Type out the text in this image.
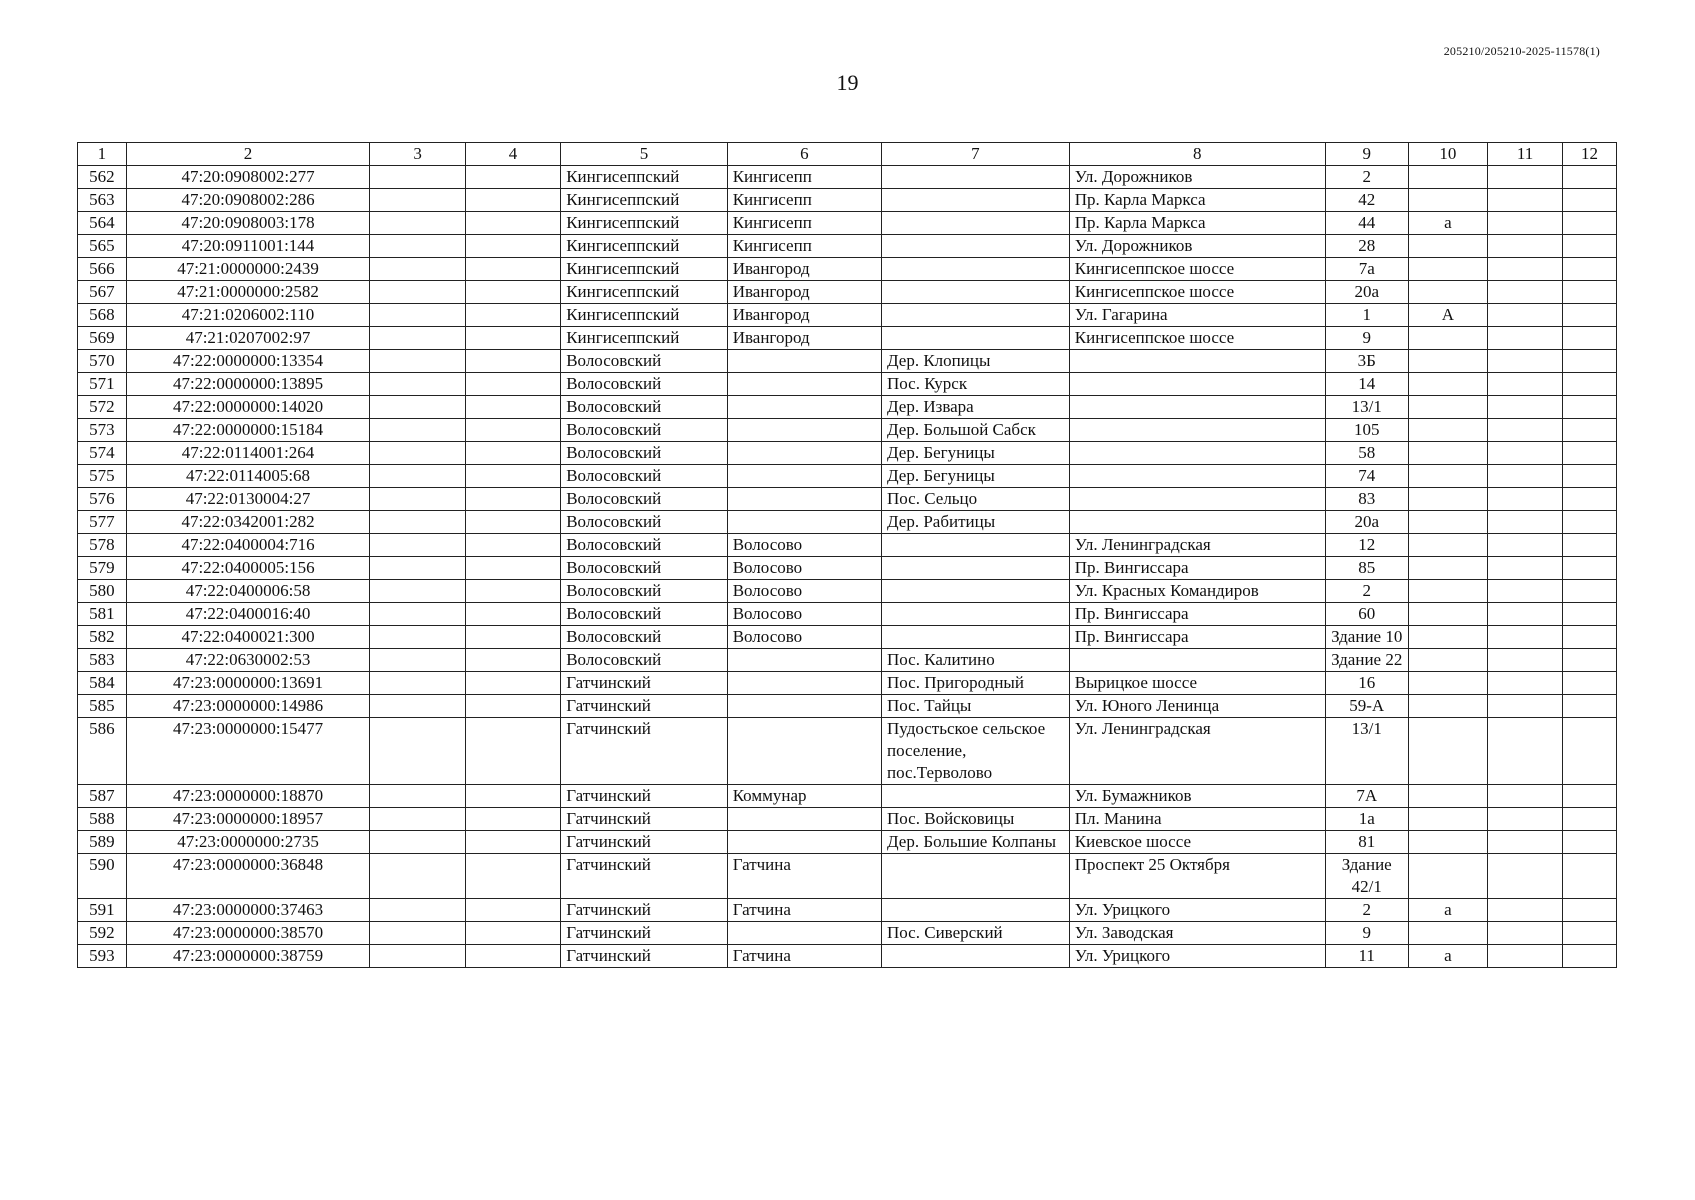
205210/205210-2025-11578(1)
19
1	2	3	4	5	6	7	8	9	10	11	12
562	47:20:0908002:277			Кингисеппский	Кингисепп		Ул. Дорожников	2			
563	47:20:0908002:286			Кингисеппский	Кингисепп		Пр. Карла Маркса	42			
564	47:20:0908003:178			Кингисеппский	Кингисепп		Пр. Карла Маркса	44	а		
565	47:20:0911001:144			Кингисеппский	Кингисепп		Ул. Дорожников	28			
566	47:21:0000000:2439			Кингисеппский	Ивангород		Кингисеппское шоссе	7а			
567	47:21:0000000:2582			Кингисеппский	Ивангород		Кингисеппское шоссе	20а			
568	47:21:0206002:110			Кингисеппский	Ивангород		Ул. Гагарина	1	А		
569	47:21:0207002:97			Кингисеппский	Ивангород		Кингисеппское шоссе	9			
570	47:22:0000000:13354			Волосовский		Дер. Клопицы		3Б			
571	47:22:0000000:13895			Волосовский		Пос. Курск		14			
572	47:22:0000000:14020			Волосовский		Дер. Извара		13/1			
573	47:22:0000000:15184			Волосовский		Дер. Большой Сабск		105			
574	47:22:0114001:264			Волосовский		Дер. Бегуницы		58			
575	47:22:0114005:68			Волосовский		Дер. Бегуницы		74			
576	47:22:0130004:27			Волосовский		Пос. Сельцо		83			
577	47:22:0342001:282			Волосовский		Дер. Рабитицы		20а			
578	47:22:0400004:716			Волосовский	Волосово		Ул. Ленинградская	12			
579	47:22:0400005:156			Волосовский	Волосово		Пр. Вингиссара	85			
580	47:22:0400006:58			Волосовский	Волосово		Ул. Красных Командиров	2			
581	47:22:0400016:40			Волосовский	Волосово		Пр. Вингиссара	60			
582	47:22:0400021:300			Волосовский	Волосово		Пр. Вингиссара	Здание 10			
583	47:22:0630002:53			Волосовский		Пос. Калитино		Здание 22			
584	47:23:0000000:13691			Гатчинский		Пос. Пригородный	Вырицкое шоссе	16			
585	47:23:0000000:14986			Гатчинский		Пос. Тайцы	Ул. Юного Ленинца	59-А			
586	47:23:0000000:15477			Гатчинский		Пудостьское сельское поселение, пос.Терволово	Ул. Ленинградская	13/1			
587	47:23:0000000:18870			Гатчинский	Коммунар		Ул. Бумажников	7А			
588	47:23:0000000:18957			Гатчинский		Пос. Войсковицы	Пл. Манина	1а			
589	47:23:0000000:2735			Гатчинский		Дер. Большие Колпаны	Киевское шоссе	81			
590	47:23:0000000:36848			Гатчинский	Гатчина		Проспект 25 Октября	Здание 42/1			
591	47:23:0000000:37463			Гатчинский	Гатчина		Ул. Урицкого	2	а		
592	47:23:0000000:38570			Гатчинский		Пос. Сиверский	Ул. Заводская	9			
593	47:23:0000000:38759			Гатчинский	Гатчина		Ул. Урицкого	11	а		
